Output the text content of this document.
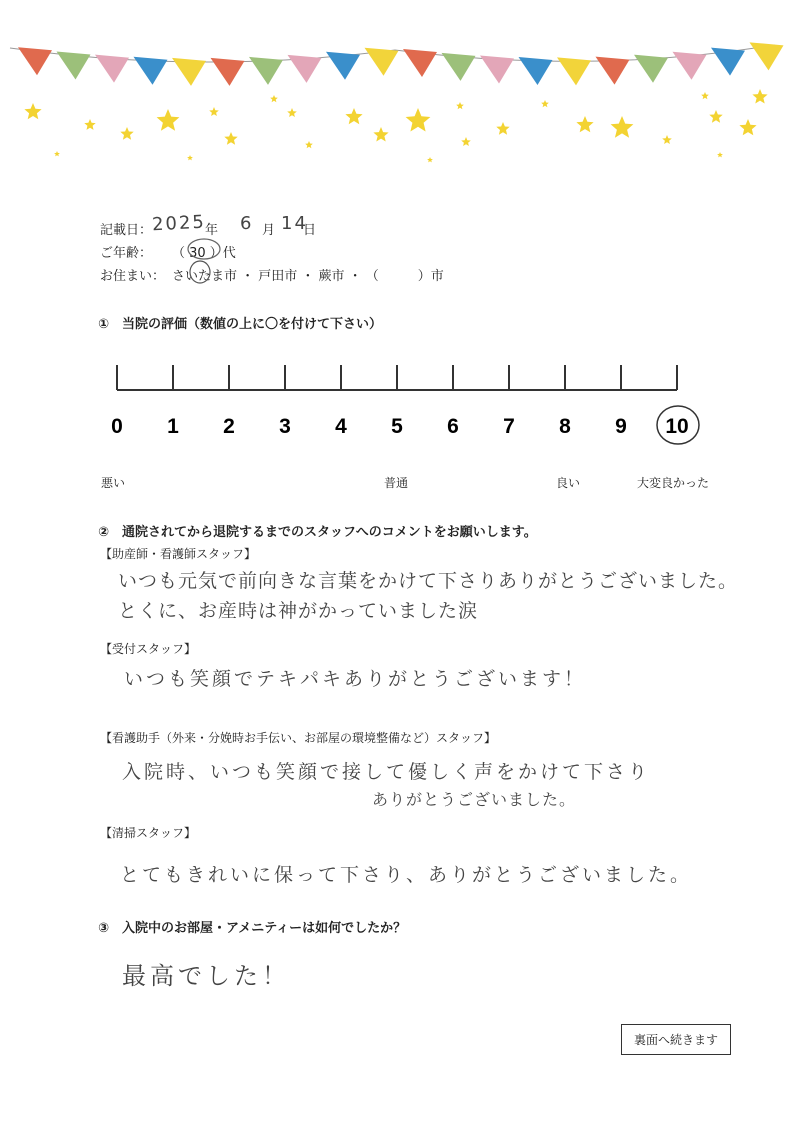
記載日： 2025
年 6 月 14
日
ご年齢： （ 30 ）代
お住まい： さいたま市 ・ 戸田市 ・ 蕨市 ・ （　　　）市
①　当院の評価（数値の上に〇を付けて下さい）
0 1 2 3 4 5 6 7 8 9 10
悪い	普通	良い	大変良かった
②　通院されてから退院するまでのスタッフへのコメントをお願いします。
【助産師・看護師スタッフ】
いつも元気で前向きな言葉をかけて下さりありがとうございました。
とくに、お産時は神がかっていました涙
【受付スタッフ】
いつも笑顔でテキパキありがとうございます！
【看護助手（外来・分娩時お手伝い、お部屋の環境整備など）スタッフ】
入院時、いつも笑顔で接して優しく声をかけて下さり
ありがとうございました。
【清掃スタッフ】
とてもきれいに保って下さり、ありがとうございました。
③　入院中のお部屋・アメニティーは如何でしたか？
最高でした！
裏面へ続きます
